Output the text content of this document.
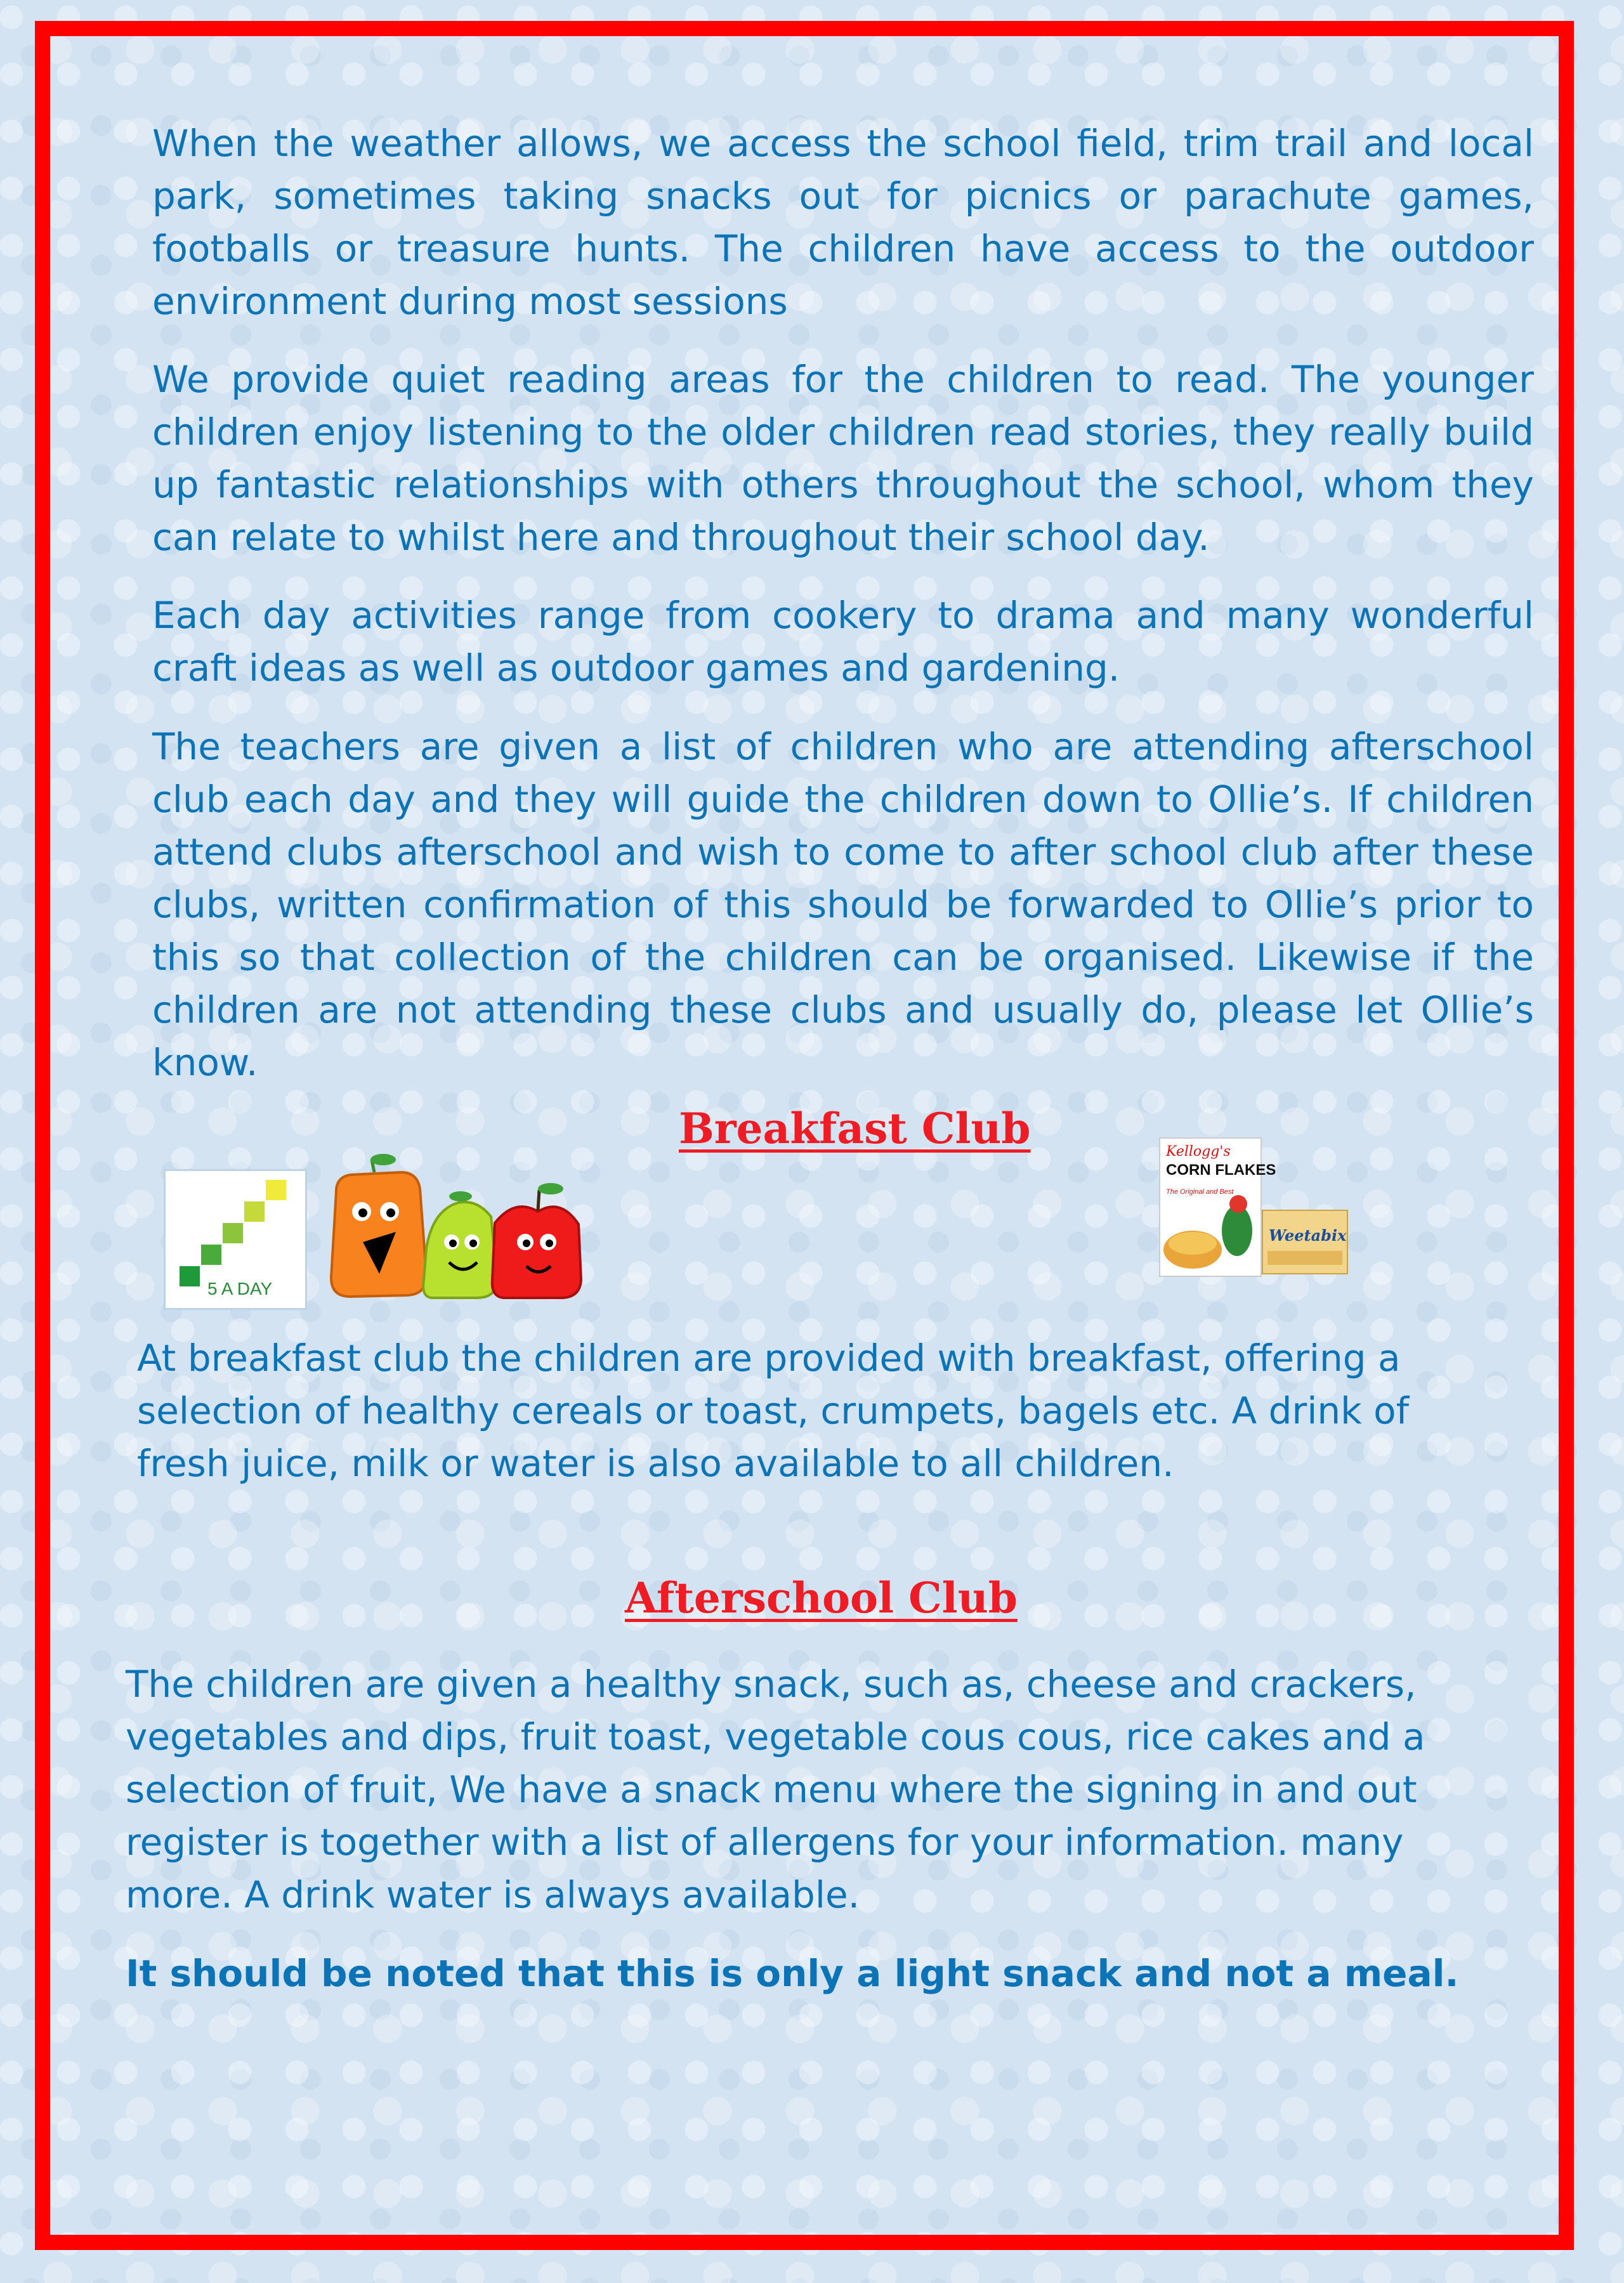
When the weather allows, we access the school field, trim trail and local park, sometimes taking snacks out for picnics or parachute games, footballs or treasure hunts. The children have access to the outdoor environment during most sessions

We provide quiet reading areas for the children to read. The younger children enjoy listening to the older children read stories, they really build up fantastic relationships with others throughout the school, whom they can relate to whilst here and throughout their school day.

Each day activities range from cookery to drama and many wonderful craft ideas as well as outdoor games and gardening.

The teachers are given a list of children who are attending afterschool club each day and they will guide the children down to Ollie’s. If children attend clubs afterschool and wish to come to after school club after these clubs, written confirmation of this should be forwarded to Ollie’s prior to this so that collection of the children can be organised. Likewise if the children are not attending these clubs and usually do, please let Ollie’s know.

Breakfast Club
5 A DAY
Kellogg's
CORN FLAKES
The Original and Best
Weetabix

At breakfast club the children are provided with breakfast, offering a selection of healthy cereals or toast, crumpets, bagels etc. A drink of fresh juice, milk or water is also available to all children.

Afterschool Club

The children are given a healthy snack, such as, cheese and crackers, vegetables and dips, fruit toast, vegetable cous cous, rice cakes and a selection of fruit, We have a snack menu where the signing in and out register is together with a list of allergens for your information. many more. A drink water is always available.

It should be noted that this is only a light snack and not a meal.
